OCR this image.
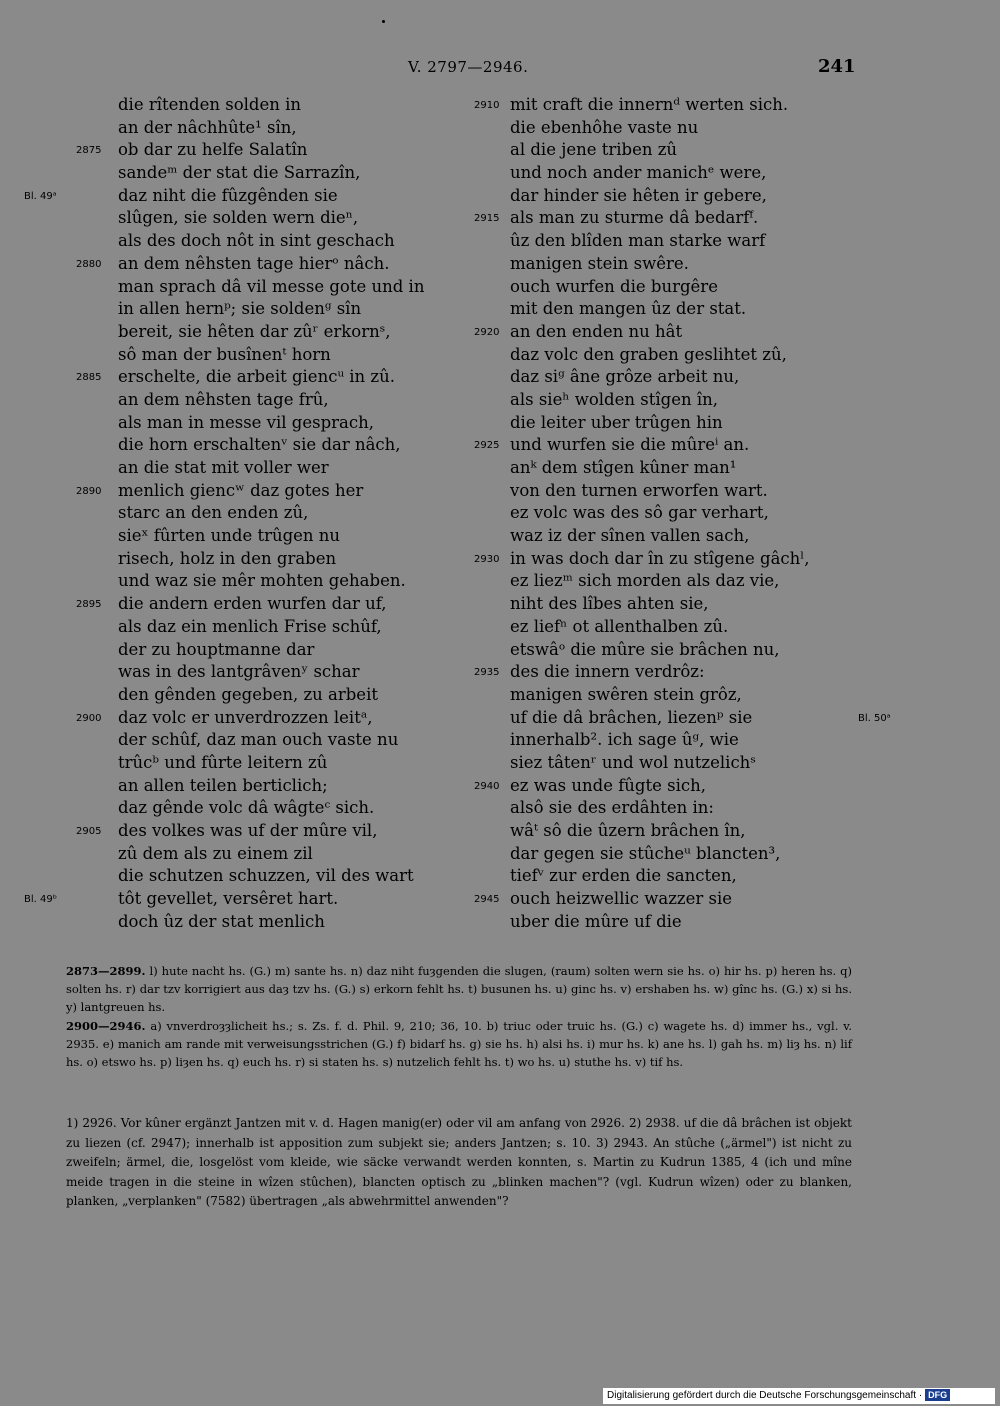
V. 2797—2946.	241
die rîtenden solden in
an der nâchhûte¹ sîn,
2875	ob dar zu helfe Salatîn
sandeᵐ der stat die Sarrazîn,
Bl. 49ᵃ	daz niht die fûzgênden sie
slûgen, sie solden wern dieⁿ,
als des doch nôt in sint geschach
2880	an dem nêhsten tage hierᵒ nâch.
man sprach dâ vil messe gote und in
in allen hernᵖ; sie soldenᵍ sîn
bereit, sie hêten dar zûʳ erkornˢ,
sô man der busînenᵗ horn
2885	erschelte, die arbeit giencᵘ in zû.
an dem nêhsten tage frû,
als man in messe vil gesprach,
die horn erschaltenᵛ sie dar nâch,
an die stat mit voller wer
2890	menlich giencʷ daz gotes her
starc an den enden zû,
sieˣ fûrten unde trûgen nu
risech, holz in den graben
und waz sie mêr mohten gehaben.
2895	die andern erden wurfen dar uf,
als daz ein menlich Frise schûf,
der zu houptmanne dar
was in des lantgrâvenʸ schar
den gênden gegeben, zu arbeit
2900	daz volc er unverdrozzen leitᵃ,
der schûf, daz man ouch vaste nu
trûcᵇ und fûrte leitern zû
an allen teilen berticlich;
daz gênde volc dâ wâgteᶜ sich.
2905	des volkes was uf der mûre vil,
zû dem als zu einem zil
die schutzen schuzzen, vil des wart
Bl. 49ᵇ	tôt gevellet, versêret hart.
doch ûz der stat menlich
2910 mit craft die innernᵈ werten sich.
die ebenhôhe vaste nu
al die jene triben zû
und noch ander manichᵉ were,
dar hinder sie hêten ir gebere,
2915 als man zu sturme dâ bedarfᶠ.
ûz den blîden man starke warf
manigen stein swêre.
ouch wurfen die burgêre
mit den mangen ûz der stat.
2920 an den enden nu hât
daz volc den graben geslihtet zû,
daz siᵍ âne grôze arbeit nu,
als sieʰ wolden stîgen în,
die leiter uber trûgen hin
2925 und wurfen sie die mûreⁱ an.
anᵏ dem stîgen kûner man¹
von den turnen erworfen wart.
ez volc was des sô gar verhart,
waz iz der sînen vallen sach,
2930 in was doch dar în zu stîgene gâchˡ,
ez liezᵐ sich morden als daz vie,
niht des lîbes ahten sie,
ez liefⁿ ot allenthalben zû.
etswâᵒ die mûre sie brâchen nu,
2935 des die innern verdrôz:
manigen swêren stein grôz,
Bl. 50ᵃ
uf die dâ brâchen, liezenᵖ sie
innerhalb². ich sage ûᵍ, wie
siez tâtenʳ und wol nutzelichˢ
2940 ez was unde fûgte sich,
alsô sie des erdâhten in:
wâᵗ sô die ûzern brâchen în,
dar gegen sie stûcheᵘ blancten³,
tiefᵛ zur erden die sancten,
2945 ouch heizwellic wazzer sie
uber die mûre uf die

2873—2899. l) hute nacht hs. (G.) m) sante hs. n) daz niht fuȝgenden die slugen, (raum) solten wern sie hs. o) hir hs. p) heren hs. q) solten hs. r) dar tzv korrigiert aus daȝ tzv hs. (G.) s) erkorn fehlt hs. t) busunen hs. u) ginc hs. v) ershaben hs. w) gînc hs. (G.) x) si hs. y) lantgreuen hs.

2900—2946. a) vnverdroȝȝlicheit hs.; s. Zs. f. d. Phil. 9, 210; 36, 10. b) triuc oder truic hs. (G.) c) wagete hs. d) immer hs., vgl. v. 2935. e) manich am rande mit verweisungsstrichen (G.) f) bidarf hs. g) sie hs. h) alsi hs. i) mur hs. k) ane hs. l) gah hs. m) liȝ hs. n) lif hs. o) etswo hs. p) liȝen hs. q) euch hs. r) si staten hs. s) nutzelich fehlt hs. t) wo hs. u) stuthe hs. v) tif hs.

1) 2926. Vor kûner ergänzt Jantzen mit v. d. Hagen manig(er) oder vil am anfang von 2926. 2) 2938. uf die dâ brâchen ist objekt zu liezen (cf. 2947); innerhalb ist apposition zum subjekt sie; anders Jantzen; s. 10. 3) 2943. An stûche („ärmel") ist nicht zu zweifeln; ärmel, die, losgelöst vom kleide, wie säcke verwandt werden konnten, s. Martin zu Kudrun 1385, 4 (ich und mîne meide tragen in die steine in wîzen stûchen), blancten optisch zu „blinken machen"? (vgl. Kudrun wîzen) oder zu blanken, planken, „verplanken" (7582) übertragen „als abwehrmittel anwenden"?

Digitalisierung gefördert durch die Deutsche Forschungsgemeinschaft · DFG
